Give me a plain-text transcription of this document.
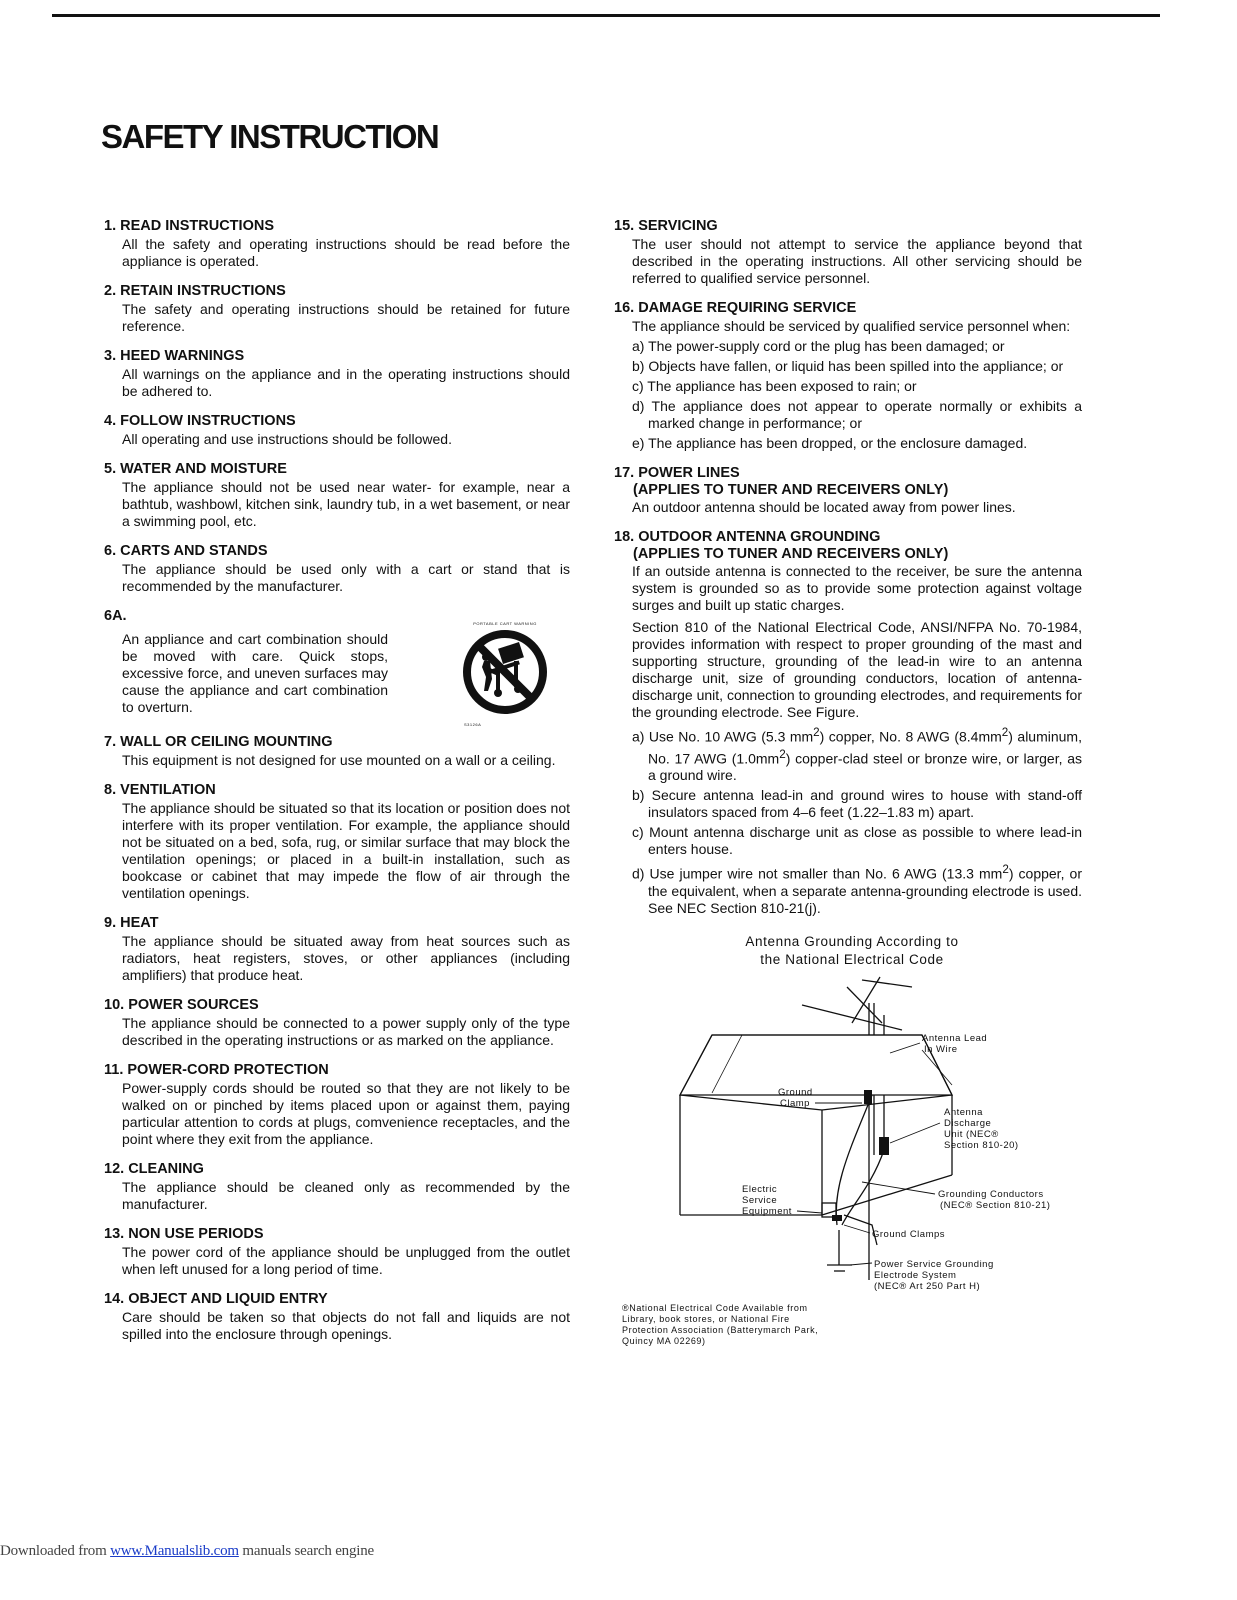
SAFETY INSTRUCTION
1. READ INSTRUCTIONS

All the safety and operating instructions should be read before the appliance is operated.

2. RETAIN INSTRUCTIONS

The safety and operating instructions should be retained for future reference.

3. HEED WARNINGS

All warnings on the appliance and in the operating instructions should be adhered to.

4. FOLLOW INSTRUCTIONS

All operating and use instructions should be followed.

5. WATER AND MOISTURE

The appliance should not be used near water- for example, near a bathtub, washbowl, kitchen sink, laundry tub, in a wet basement, or near a swimming pool, etc.

6. CARTS AND STANDS

The appliance should be used only with a cart or stand that is recommended by the manufacturer.

6A.

An appliance and cart combination should be moved with care. Quick stops, excessive force, and uneven surfaces may cause the appliance and cart combination to overturn.

PORTABLE CART WARNING
S3126A
7. WALL OR CEILING MOUNTING

This equipment is not designed for use mounted on a wall or a ceiling.

8. VENTILATION

The appliance should be situated so that its location or position does not interfere with its proper ventilation. For example, the appliance should not be situated on a bed, sofa, rug, or similar surface that may block the ventilation openings; or placed in a built-in installation, such as bookcase or cabinet that may impede the flow of air through the ventilation openings.

9. HEAT

The appliance should be situated away from heat sources such as radiators, heat registers, stoves, or other appliances (including amplifiers) that produce heat.

10. POWER SOURCES

The appliance should be connected to a power supply only of the type described in the operating instructions or as marked on the appliance.

11. POWER-CORD PROTECTION

Power-supply cords should be routed so that they are not likely to be walked on or pinched by items placed upon or against them, paying particular attention to cords at plugs, comvenience receptacles, and the point where they exit from the appliance.

12. CLEANING

The appliance should be cleaned only as recommended by the manufacturer.

13. NON USE PERIODS

The power cord of the appliance should be unplugged from the outlet when left unused for a long period of time.

14. OBJECT AND LIQUID ENTRY

Care should be taken so that objects do not fall and liquids are not spilled into the enclosure through openings.

15. SERVICING

The user should not attempt to service the appliance beyond that described in the operating instructions. All other servicing should be referred to qualified service personnel.

16. DAMAGE REQUIRING SERVICE

The appliance should be serviced by qualified service personnel when:

a) The power-supply cord or the plug has been damaged; or
b) Objects have fallen, or liquid has been spilled into the appliance; or
c) The appliance has been exposed to rain; or
d) The appliance does not appear to operate normally or exhibits a marked change in performance; or
e) The appliance has been dropped, or the enclosure damaged.
17. POWER LINES
(APPLIES TO TUNER AND RECEIVERS ONLY)

An outdoor antenna should be located away from power lines.

18. OUTDOOR ANTENNA GROUNDING
(APPLIES TO TUNER AND RECEIVERS ONLY)

If an outside antenna is connected to the receiver, be sure the antenna system is grounded so as to provide some protection against voltage surges and built up static charges.

Section 810 of the National Electrical Code, ANSI/NFPA No. 70-1984, provides information with respect to proper grounding of the mast and supporting structure, grounding of the lead-in wire to an antenna discharge unit, size of grounding conductors, location of antenna-discharge unit, connection to grounding electrodes, and requirements for the grounding electrode. See Figure.

a) Use No. 10 AWG (5.3 $mm^2$) copper, No. 8 AWG $(8.4mm^2)$ aluminum, No. 17 AWG $(1.0mm^2)$ copper-clad steel or bronze wire, or larger, as a ground wire.
b) Secure antenna lead-in and ground wires to house with stand-off insulators spaced from 4–6 feet (1.22–1.83 m) apart.
c) Mount antenna discharge unit as close as possible to where lead-in enters house.
d) Use jumper wire not smaller than No. 6 AWG (13.3 $mm^2$) copper, or the equivalent, when a separate antenna-grounding electrode is used. See NEC Section 810-21(j).

Antenna Grounding According to
the National Electrical Code

Antenna Lead
In Wire
Ground
Clamp
Antenna
Discharge
Unit (NEC®
Section 810-20)
Electric
Service
Equipment
Grounding Conductors
(NEC® Section 810-21)
Ground Clamps
Power Service Grounding
Electrode System
(NEC® Art 250 Part H)

®National Electrical Code Available from Library, book stores, or National Fire Protection Association (Batterymarch Park, Quincy MA 02269)

Downloaded from www.Manualslib.com manuals search engine
